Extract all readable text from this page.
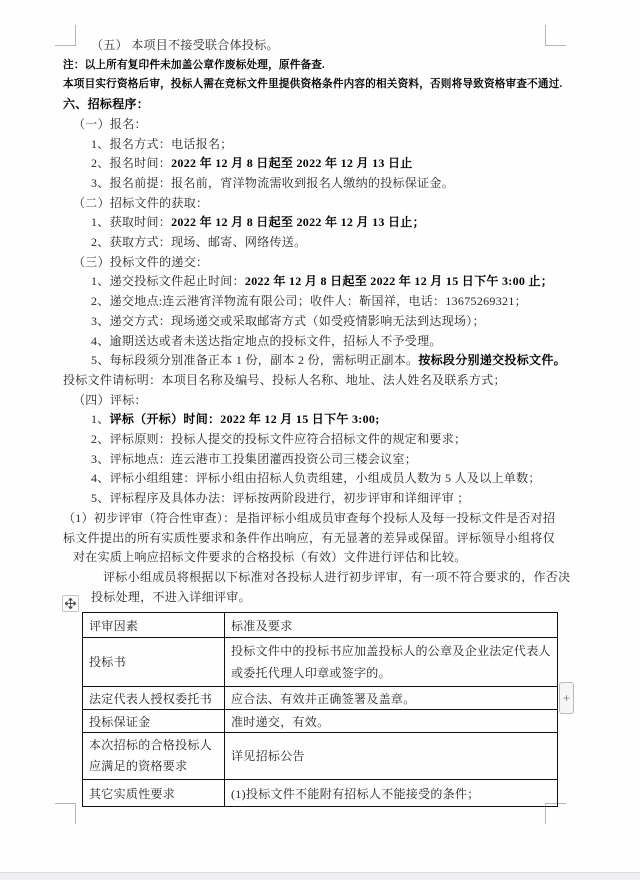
（五） 本项目不接受联合体投标。
注：以上所有复印件未加盖公章作废标处理，原件备查.
本项目实行资格后审，投标人需在竞标文件里提供资格条件内容的相关资料，否则将导致资格审查不通过.
六、招标程序：
（一）报名：
1、报名方式：电话报名；
2、报名时间：2022 年 12 月 8 日起至 2022 年 12 月 13 日止
3、报名前提：报名前，宵洋物流需收到报名人缴纳的投标保证金。
（二）招标文件的获取：
1、获取时间：2022 年 12 月 8 日起至 2022 年 12 月 13 日止；
2、获取方式：现场、邮寄、网络传送。
（三）投标文件的递交：
1、递交投标文件起止时间：2022 年 12 月 8 日起至 2022 年 12 月 15 日下午 3:00 止；
2、递交地点:连云港宵洋物流有限公司；收件人：靳国祥，电话：13675269321；
3、递交方式：现场递交或采取邮寄方式（如受疫情影响无法到达现场）；
4、逾期送达或者未送达指定地点的投标文件，招标人不予受理。
5、每标段须分别准备正本 1 份，副本 2 份，需标明正副本。按标段分别递交投标文件。
投标文件请标明：本项目名称及编号、投标人名称、地址、法人姓名及联系方式；
（四）评标：
1、评标（开标）时间：2022 年 12 月 15 日下午 3:00;
2、评标原则：投标人提交的投标文件应符合招标文件的规定和要求；
3、评标地点：连云港市工投集团灌西投资公司三楼会议室；
4、评标小组组建：评标小组由招标人负责组建，小组成员人数为 5 人及以上单数；
5、评标程序及具体办法：评标按两阶段进行，初步评审和详细评审 ；
（1）初步评审（符合性审查）：是指评标小组成员审查每个投标人及每一投标文件是否对招
标文件提出的所有实质性要求和条件作出响应，有无显著的差异或保留。评标领导小组将仅
对在实质上响应招标文件要求的合格投标（有效）文件进行评估和比较。
评标小组成员将根据以下标准对各投标人进行初步评审，有一项不符合要求的，作否决
投标处理，不进入详细评审。
评审因素	标准及要求
投标书	投标文件中的投标书应加盖投标人的公章及企业法定代表人或委托代理人印章或签字的。
法定代表人授权委托书	应合法、有效并正确签署及盖章。
投标保证金	准时递交，有效。
本次招标的合格投标人应满足的资格要求	详见招标公告
其它实质性要求	(1)投标文件不能附有招标人不能接受的条件；
+
